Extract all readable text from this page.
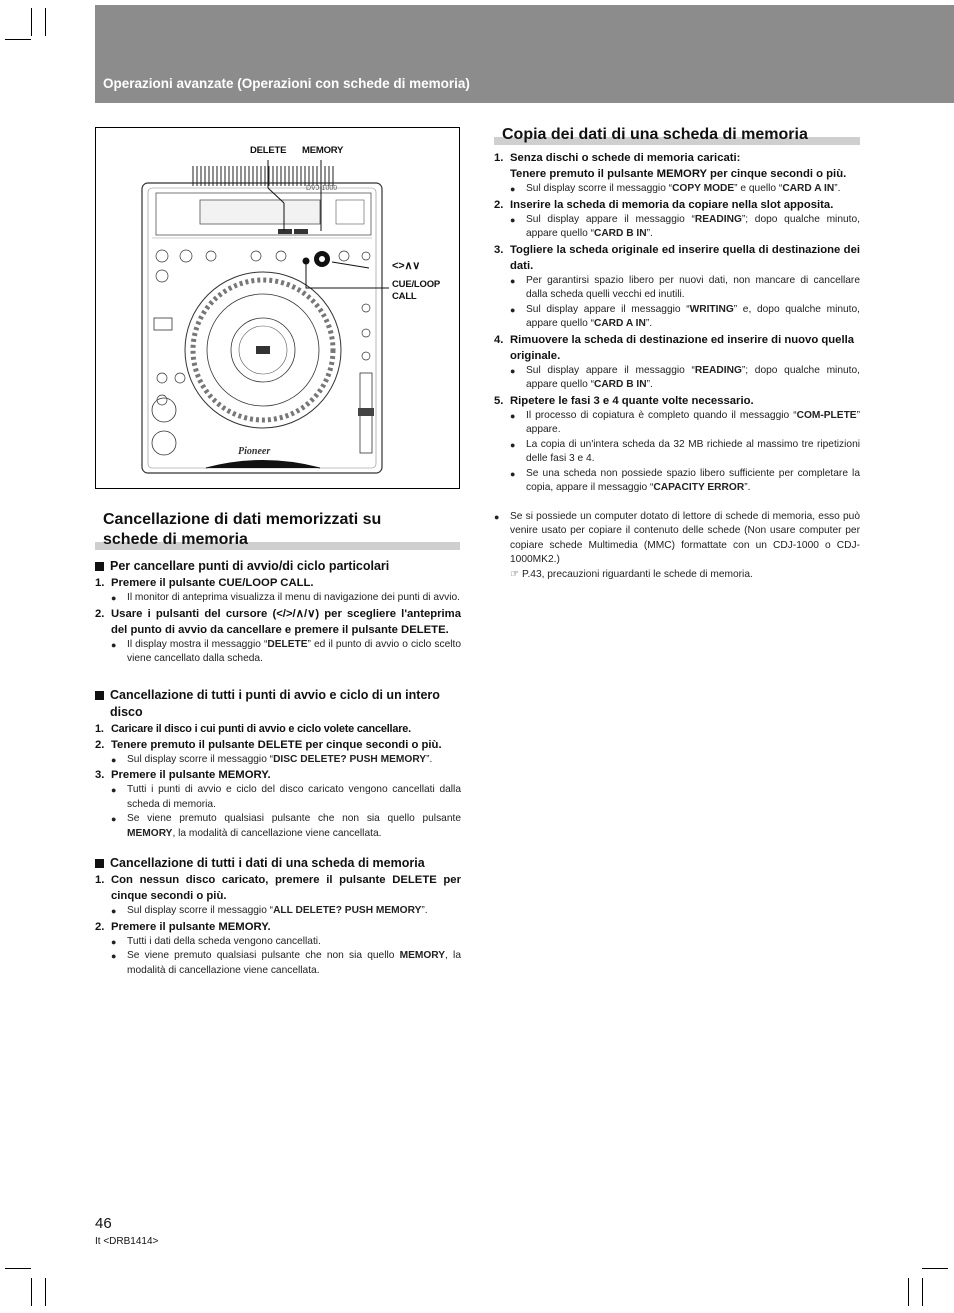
Operazioni avanzate (Operazioni con schede di memoria)
DVJ-1000
Pioneer
DELETE MEMORY
<>∧∨
CUE/LOOP
CALL
Cancellazione di dati memorizzati su
schede di memoria
Per cancellare punti di avvio/di ciclo particolari
1. Premere il pulsante CUE/LOOP CALL.
●	Il monitor di anteprima visualizza il menu di navigazione dei punti di avvio.
2. Usare i pulsanti del cursore (</>/∧/∨) per scegliere l'anteprima del punto di avvio da cancellare e premere il pulsante DELETE.
●	Il display mostra il messaggio “DELETE” ed il punto di avvio o ciclo scelto viene cancellato dalla scheda.
Cancellazione di tutti i punti di avvio e ciclo di un intero disco
1. Caricare il disco i cui punti di avvio e ciclo volete cancellare.
2. Tenere premuto il pulsante DELETE per cinque secondi o più.
●	Sul display scorre il messaggio “DISC DELETE? PUSH MEMORY”.
3. Premere il pulsante MEMORY.
●	Tutti i punti di avvio e ciclo del disco caricato vengono cancellati dalla scheda di memoria.
●	Se viene premuto qualsiasi pulsante che non sia quello pulsante MEMORY, la modalità di cancellazione viene cancellata.
Cancellazione di tutti i dati di una scheda di memoria
1. Con nessun disco caricato, premere il pulsante DELETE per cinque secondi o più.
●	Sul display scorre il messaggio “ALL DELETE? PUSH MEMORY”.
2. Premere il pulsante MEMORY.
●	Tutti i dati della scheda vengono cancellati.
●	Se viene premuto qualsiasi pulsante che non sia quello MEMORY, la modalità di cancellazione viene cancellata.
Copia dei dati di una scheda di memoria
1. Senza dischi o schede di memoria caricati:
Tenere premuto il pulsante MEMORY per cinque secondi o più.
●	Sul display scorre il messaggio “COPY MODE” e quello “CARD A IN”.
2. Inserire la scheda di memoria da copiare nella slot apposita.
●	Sul display appare il messaggio “READING”; dopo qualche minuto, appare quello “CARD B IN”.
3. Togliere la scheda originale ed inserire quella di destinazione dei dati.
●	Per garantirsi spazio libero per nuovi dati, non mancare di cancellare dalla scheda quelli vecchi ed inutili.
●	Sul display appare il messaggio “WRITING” e, dopo qualche minuto, appare quello “CARD A IN”.
4. Rimuovere la scheda di destinazione ed inserire di nuovo quella originale.
●	Sul display appare il messaggio “READING”; dopo qualche minuto, appare quello “CARD B IN”.
5. Ripetere le fasi 3 e 4 quante volte necessario.
●	Il processo di copiatura è completo quando il messaggio “COM-PLETE” appare.
●	La copia di un'intera scheda da 32 MB richiede al massimo tre ripetizioni delle fasi 3 e 4.
●	Se una scheda non possiede spazio libero sufficiente per completare la copia, appare il messaggio “CAPACITY ERROR”.
●	Se si possiede un computer dotato di lettore di schede di memoria, esso può venire usato per copiare il contenuto delle schede (Non usare computer per copiare schede Multimedia (MMC) formattate con un CDJ-1000 o CDJ-1000MK2.)
☞ P.43, precauzioni riguardanti le schede di memoria.
46
It <DRB1414>
